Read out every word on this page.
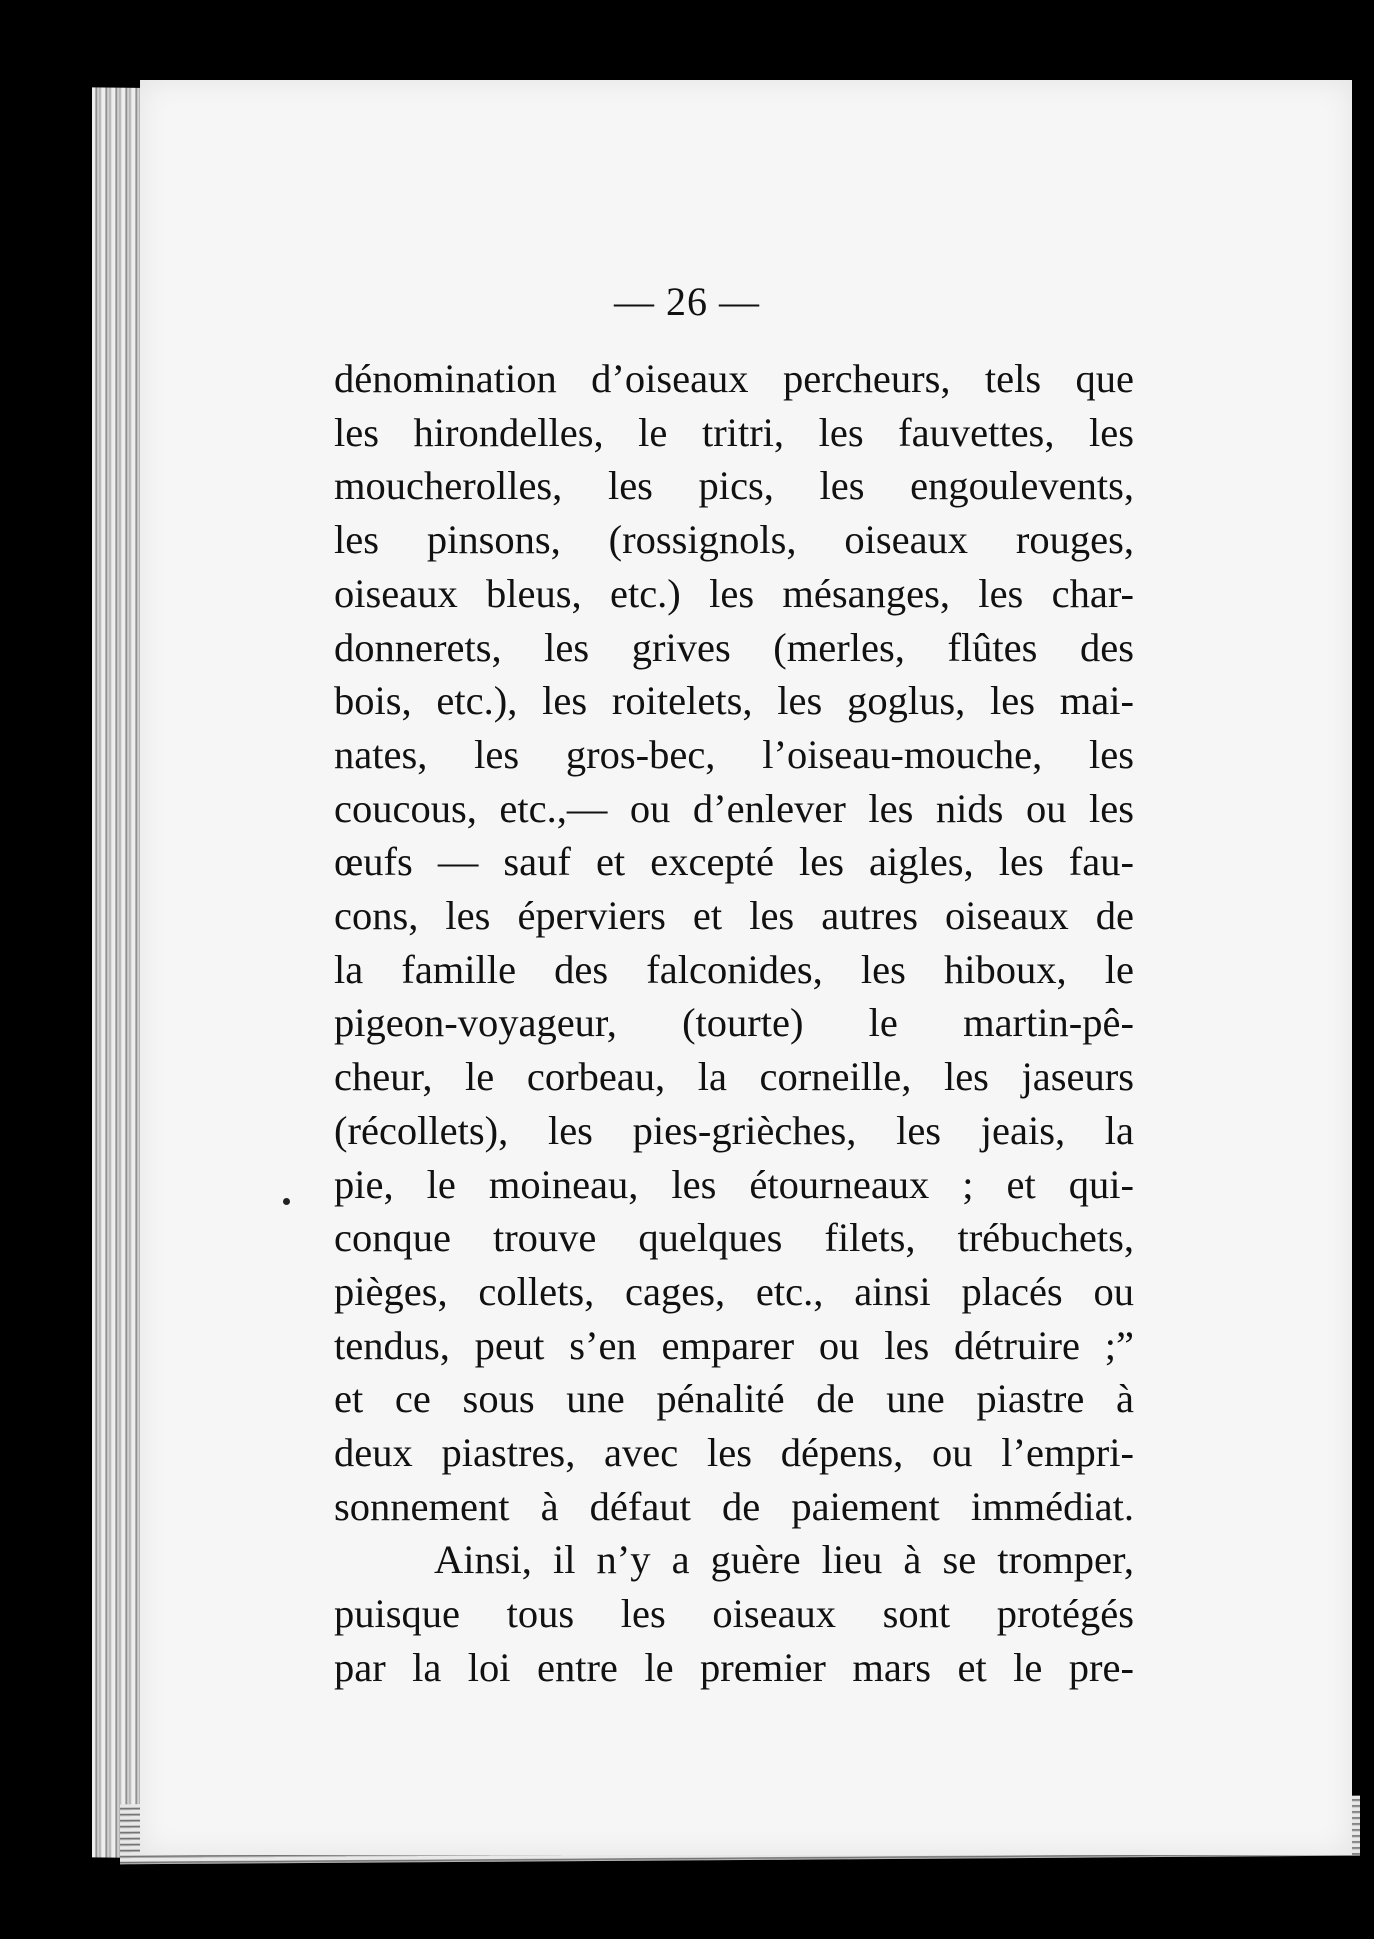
— 26 —
dénomination d’oiseaux percheurs, tels que
les hirondelles, le tritri, les fauvettes, les
moucherolles, les pics, les engoulevents,
les pinsons, (rossignols, oiseaux rouges,
oiseaux bleus, etc.) les mésanges, les char-
donnerets, les grives (merles, flûtes des
bois, etc.), les roitelets, les goglus, les mai-
nates, les gros-bec, l’oiseau-mouche, les
coucous, etc.,— ou d’enlever les nids ou les
œufs — sauf et excepté les aigles, les fau-
cons, les éperviers et les autres oiseaux de
la famille des falconides, les hiboux, le
pigeon-voyageur, (tourte) le martin-pê-
cheur, le corbeau, la corneille, les jaseurs
(récollets), les pies-grièches, les jeais, la
pie, le moineau, les étourneaux ; et qui-
conque trouve quelques filets, trébuchets,
pièges, collets, cages, etc., ainsi placés ou
tendus, peut s’en emparer ou les détruire ;”
et ce sous une pénalité de une piastre à
deux piastres, avec les dépens, ou l’empri-
sonnement à défaut de paiement immédiat.
Ainsi, il n’y a guère lieu à se tromper,
puisque tous les oiseaux sont protégés
par la loi entre le premier mars et le pre-
